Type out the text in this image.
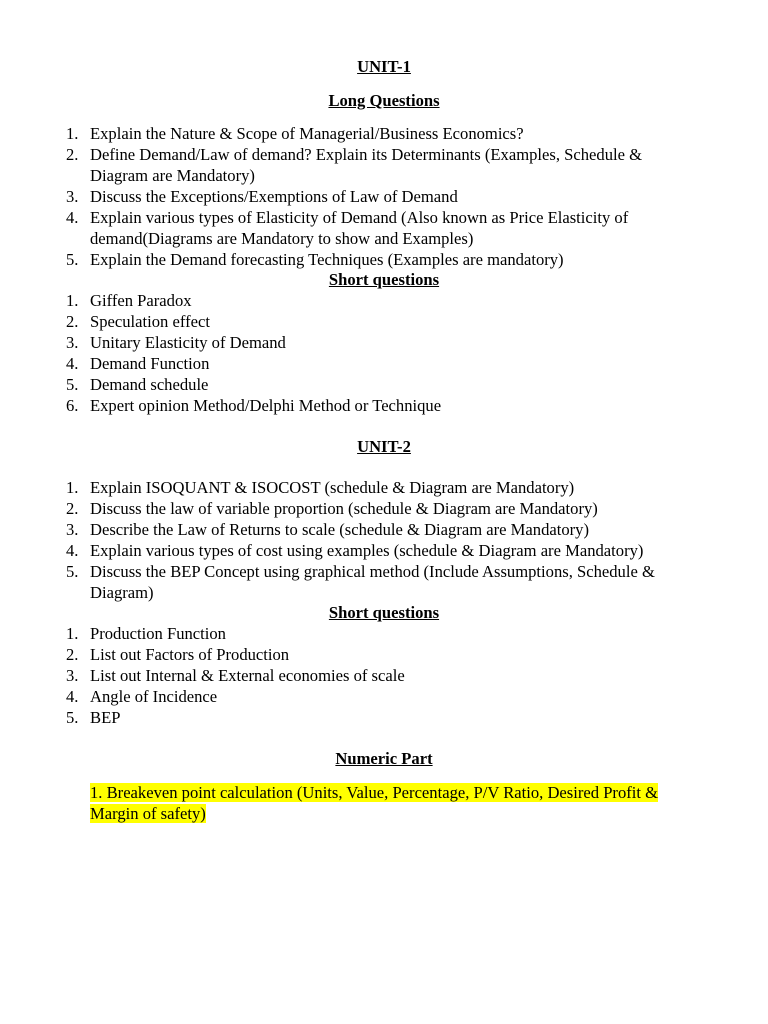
UNIT-1
Long Questions
1. Explain the Nature & Scope of Managerial/Business Economics?
2. Define Demand/Law of demand? Explain its Determinants (Examples, Schedule & Diagram are Mandatory)
3. Discuss the Exceptions/Exemptions of Law of Demand
4. Explain various types of Elasticity of Demand (Also known as Price Elasticity of demand(Diagrams are Mandatory to show and Examples)
5. Explain the Demand forecasting Techniques (Examples are mandatory)
Short questions
1. Giffen Paradox
2. Speculation effect
3. Unitary Elasticity of Demand
4. Demand Function
5. Demand schedule
6. Expert opinion Method/Delphi Method or Technique
UNIT-2
1. Explain ISOQUANT & ISOCOST (schedule & Diagram are Mandatory)
2. Discuss the law of variable proportion (schedule & Diagram are Mandatory)
3. Describe the Law of Returns to scale (schedule & Diagram are Mandatory)
4. Explain various types of cost using examples (schedule & Diagram are Mandatory)
5. Discuss the BEP Concept using graphical method (Include Assumptions, Schedule & Diagram)
Short questions
1. Production Function
2. List out Factors of Production
3. List out Internal & External economies of scale
4. Angle of Incidence
5. BEP
Numeric Part
1. Breakeven point calculation (Units, Value, Percentage, P/V Ratio, Desired Profit & Margin of safety)
